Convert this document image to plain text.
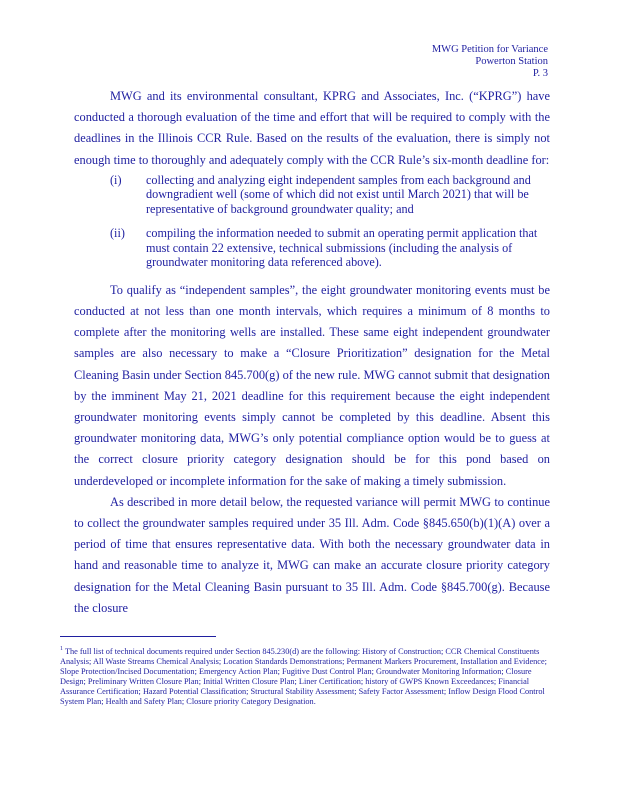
MWG Petition for Variance
Powerton Station
P. 3

MWG and its environmental consultant, KPRG and Associates, Inc. (“KPRG”) have conducted a thorough evaluation of the time and effort that will be required to comply with the deadlines in the Illinois CCR Rule. Based on the results of the evaluation, there is simply not enough time to thoroughly and adequately comply with the CCR Rule’s six-month deadline for:

(i)	collecting and analyzing eight independent samples from each background and downgradient well (some of which did not exist until March 2021) that will be representative of background groundwater quality; and
(ii)	compiling the information needed to submit an operating permit application that must contain 22 extensive, technical submissions (including the analysis of groundwater monitoring data referenced above).

To qualify as “independent samples”, the eight groundwater monitoring events must be conducted at not less than one month intervals, which requires a minimum of 8 months to complete after the monitoring wells are installed. These same eight independent groundwater samples are also necessary to make a “Closure Prioritization” designation for the Metal Cleaning Basin under Section 845.700(g) of the new rule. MWG cannot submit that designation by the imminent May 21, 2021 deadline for this requirement because the eight independent groundwater monitoring events simply cannot be completed by this deadline. Absent this groundwater monitoring data, MWG’s only potential compliance option would be to guess at the correct closure priority category designation should be for this pond based on underdeveloped or incomplete information for the sake of making a timely submission.

As described in more detail below, the requested variance will permit MWG to continue to collect the groundwater samples required under 35 Ill. Adm. Code §845.650(b)(1)(A) over a period of time that ensures representative data. With both the necessary groundwater data in hand and reasonable time to analyze it, MWG can make an accurate closure priority category designation for the Metal Cleaning Basin pursuant to 35 Ill. Adm. Code §845.700(g). Because the closure

$^1$ The full list of technical documents required under Section 845.230(d) are the following: History of Construction; CCR Chemical Constituents Analysis; All Waste Streams Chemical Analysis; Location Standards Demonstrations; Permanent Markers Procurement, Installation and Evidence; Slope Protection/Incised Documentation; Emergency Action Plan; Fugitive Dust Control Plan; Groundwater Monitoring Information; Closure Design; Preliminary Written Closure Plan; Initial Written Closure Plan; Liner Certification; history of GWPS Known Exceedances; Financial Assurance Certification; Hazard Potential Classification; Structural Stability Assessment; Safety Factor Assessment; Inflow Design Flood Control System Plan; Health and Safety Plan; Closure priority Category Designation.
